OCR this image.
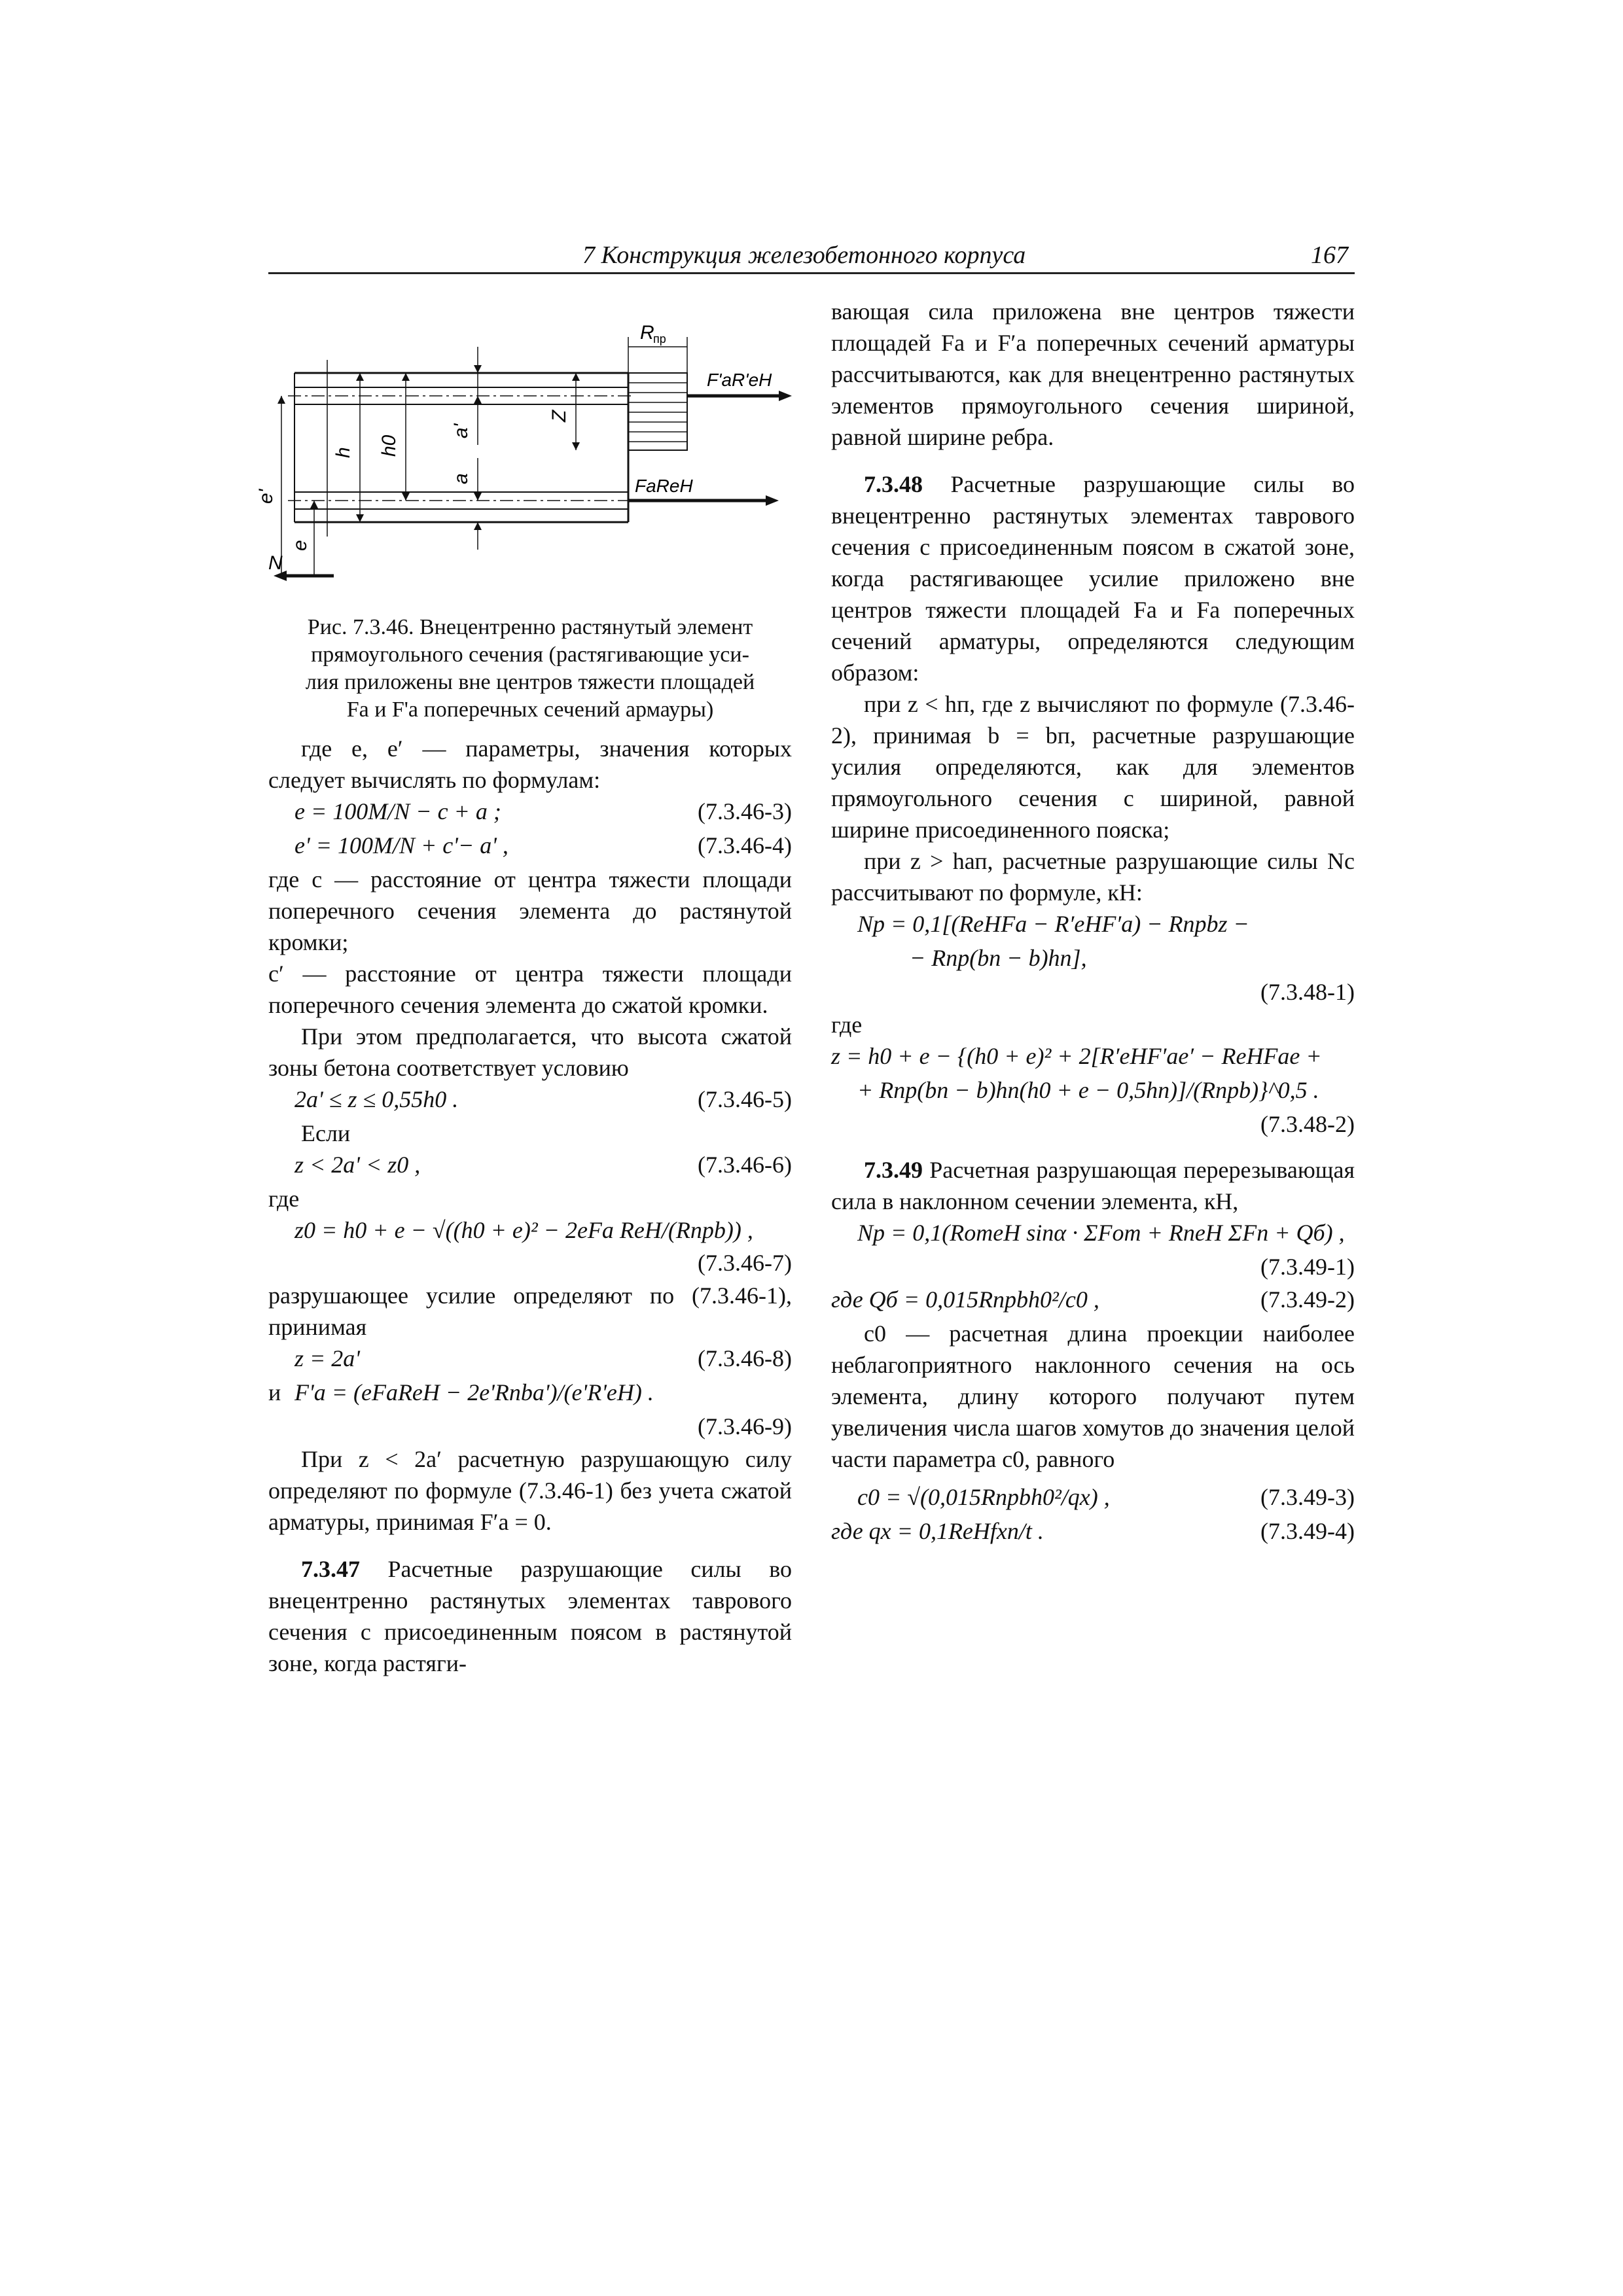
7 Конструкция железобетонного корпуса	167
R
пр
F'aR'еН
FaRеН
h h0
a'
a
Z
e'
e
N

Рис. 7.3.46. Внецентренно растянутый элемент

прямоугольного сечения (растягивающие уси-

лия приложены вне центров тяжести площадей

Fa и F'a поперечных сечений армауры)

где e, e′ — параметры, значения которых следует вычислять по формулам:

e = 100M/N − c + a ;	(7.3.46-3)
e' = 100M/N + c'− a' ,	(7.3.46-4)

где c — расстояние от центра тяжести площади поперечного сечения элемента до растянутой кромки;

c′ — расстояние от центра тяжести площади поперечного сечения элемента до сжатой кромки.

При этом предполагается, что высота сжатой зоны бетона соответствует условию

2a' ≤ z ≤ 0,55h0 .	(7.3.46-5)

Если

z < 2a' < z0 ,	(7.3.46-6)

где

z0 = h0 + e − √((h0 + e)² − 2eFa RеН/(Rпрb)) ,
(7.3.46-7)

разрушающее усилие определяют по (7.3.46-1), принимая

z = 2a'	(7.3.46-8)
и F'a = (eFaRеН − 2e'Rпba')/(e'R'еН) .
(7.3.46-9)

При z < 2a′ расчетную разрушающую силу определяют по формуле (7.3.46-1) без учета сжатой арматуры, принимая F′a = 0.

7.3.47 Расчетные разрушающие силы во внецентренно растянутых элементах таврового сечения с присоединенным поясом в растянутой зоне, когда растяги-

вающая сила приложена вне центров тяжести площадей Fa и F′a поперечных сечений арматуры рассчитываются, как для внецентренно растянутых элементов прямоугольного сечения шириной, равной ширине ребра.

7.3.48 Расчетные разрушающие силы во внецентренно растянутых элементах таврового сечения с присоединенным поясом в сжатой зоне, когда растягивающее усилие приложено вне центров тяжести площадей Fa и Fa поперечных сечений арматуры, определяются следующим образом:

при z < hп, где z вычисляют по формуле (7.3.46-2), принимая b = bп, расчетные разрушающие усилия определяются, как для элементов прямоугольного сечения с шириной, равной ширине присоединенного пояска;

при z > hап, расчетные разрушающие силы Nc рассчитывают по формуле, кН:

Nр = 0,1[(RеНFa − R′еНF′a) − Rпрbz −
− Rпр(bп − b)hп],
(7.3.48-1)

где

z = h0 + e − {(h0 + e)² + 2[R′еНF′ae′ − RеНFae +
+ Rпр(bп − b)hп(h0 + e − 0,5hп)]/(Rпрb)}^0,5 .
(7.3.48-2)

7.3.49 Расчетная разрушающая перерезывающая сила в наклонном сечении элемента, кН,

Nр = 0,1(RотеН sinα · ΣFот + RпеН ΣFп + Qб) ,
(7.3.49-1)
где Qб = 0,015Rпрbh0²/c0 ,	(7.3.49-2)

c0 — расчетная длина проекции наиболее неблагоприятного наклонного сечения на ось элемента, длину которого получают путем увеличения числа шагов хомутов до значения целой части параметра c0, равного

c0 = √(0,015Rпрbh0²/qx) ,	(7.3.49-3)
где qx = 0,1RеНfxn/t .	(7.3.49-4)
